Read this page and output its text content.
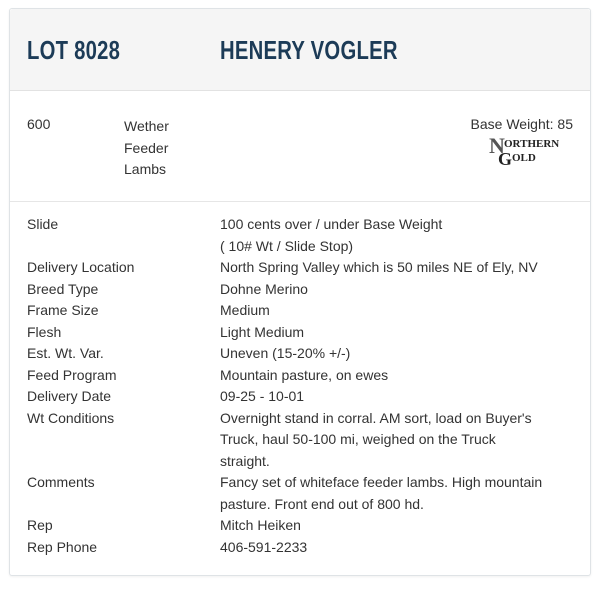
LOT 8028	HENERY VOGLER
600	Wether
Feeder
Lambs
Base Weight: 85
N ORTHERN
G OLD
Slide	100 cents over / under Base Weight
( 10# Wt / Slide Stop)
Delivery Location	North Spring Valley which is 50 miles NE of Ely, NV
Breed Type	Dohne Merino
Frame Size	Medium
Flesh	Light Medium
Est. Wt. Var.	Uneven (15-20% +/-)
Feed Program	Mountain pasture, on ewes
Delivery Date	09-25 - 10-01
Wt Conditions	Overnight stand in corral. AM sort, load on Buyer's
Truck, haul 50-100 mi, weighed on the Truck
straight.
Comments	Fancy set of whiteface feeder lambs. High mountain
pasture. Front end out of 800 hd.
Rep	Mitch Heiken
Rep Phone	406-591-2233
